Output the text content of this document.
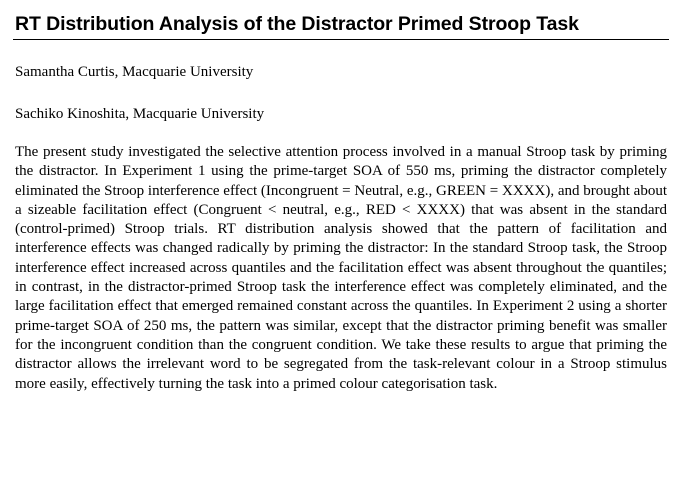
RT Distribution Analysis of the Distractor Primed Stroop Task
Samantha Curtis, Macquarie University
Sachiko Kinoshita, Macquarie University

The present study investigated the selective attention process involved in a manual Stroop task by priming the distractor. In Experiment 1 using the prime-target SOA of 550 ms, priming the distractor completely eliminated the Stroop interference effect (Incongruent = Neutral, e.g., GREEN = XXXX), and brought about a sizeable facilitation effect (Congruent < neutral, e.g., RED < XXXX) that was absent in the standard (control-primed) Stroop trials. RT distribution analysis showed that the pattern of facilitation and interference effects was changed radically by priming the distractor: In the standard Stroop task, the Stroop interference effect increased across quantiles and the facilitation effect was absent throughout the quantiles; in contrast, in the distractor-primed Stroop task the interference effect was completely eliminated, and the large facilitation effect that emerged remained constant across the quantiles. In Experiment 2 using a shorter prime-target SOA of 250 ms, the pattern was similar, except that the distractor priming benefit was smaller for the incongruent condition than the congruent condition. We take these results to argue that priming the distractor allows the irrelevant word to be segregated from the task-relevant colour in a Stroop stimulus more easily, effectively turning the task into a primed colour categorisation task.
